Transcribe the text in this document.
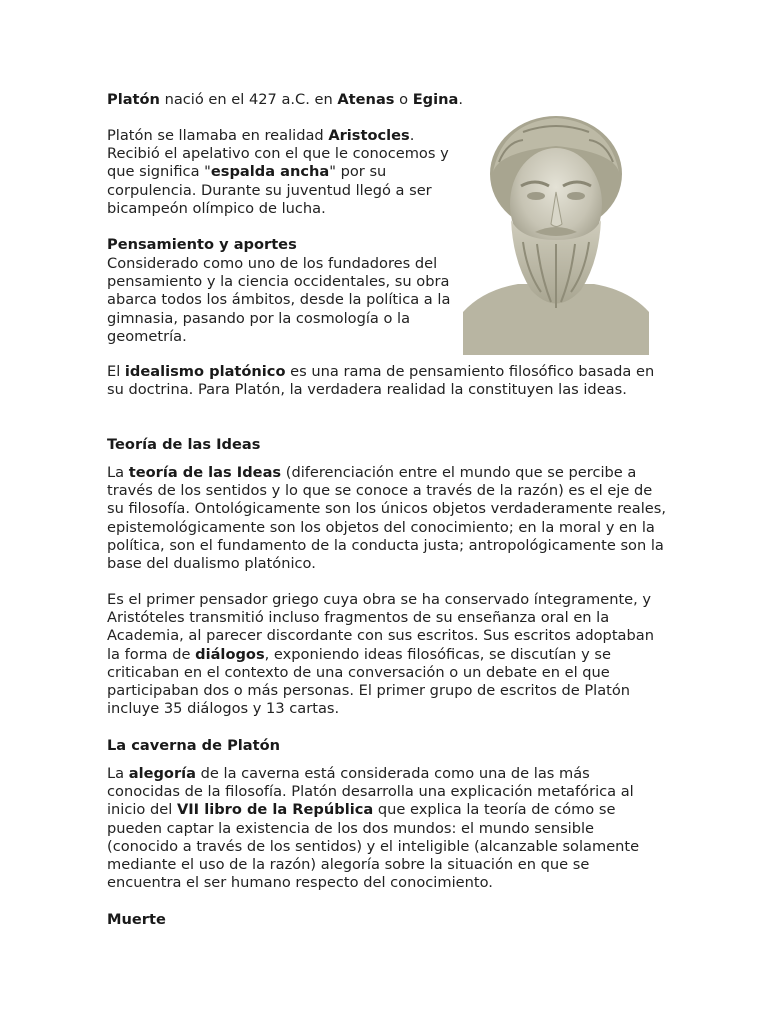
Platón nació en el 427 a.C. en Atenas o Egina.

Platón se llamaba en realidad Aristocles. Recibió el apelativo con el que le conocemos y que significa "espalda ancha" por su corpulencia. Durante su juventud llegó a ser bicampeón olímpico de lucha.

Pensamiento y aportes

Considerado como uno de los fundadores del pensamiento y la ciencia occidentales, su obra abarca todos los ámbitos, desde la política a la gimnasia, pasando por la cosmología o la geometría.

El idealismo platónico es una rama de pensamiento filosófico basada en su doctrina. Para Platón, la verdadera realidad la constituyen las ideas.

Teoría de las Ideas

La teoría de las Ideas (diferenciación entre el mundo que se percibe a través de los sentidos y lo que se conoce a través de la razón) es el eje de su filosofía. Ontológicamente son los únicos objetos verdaderamente reales, epistemológicamente son los objetos del conocimiento; en la moral y en la política, son el fundamento de la conducta justa; antropológicamente son la base del dualismo platónico.

Es el primer pensador griego cuya obra se ha conservado íntegramente, y Aristóteles transmitió incluso fragmentos de su enseñanza oral en la Academia, al parecer discordante con sus escritos. Sus escritos adoptaban la forma de diálogos, exponiendo ideas filosóficas, se discutían y se criticaban en el contexto de una conversación o un debate en el que participaban dos o más personas. El primer grupo de escritos de Platón incluye 35 diálogos y 13 cartas.

La caverna de Platón

La alegoría de la caverna está considerada como una de las más conocidas de la filosofía. Platón desarrolla una explicación metafórica al inicio del VII libro de la República que explica la teoría de cómo se pueden captar la existencia de los dos mundos: el mundo sensible (conocido a través de los sentidos) y el inteligible (alcanzable solamente mediante el uso de la razón) alegoría sobre la situación en que se encuentra el ser humano respecto del conocimiento.

Muerte
